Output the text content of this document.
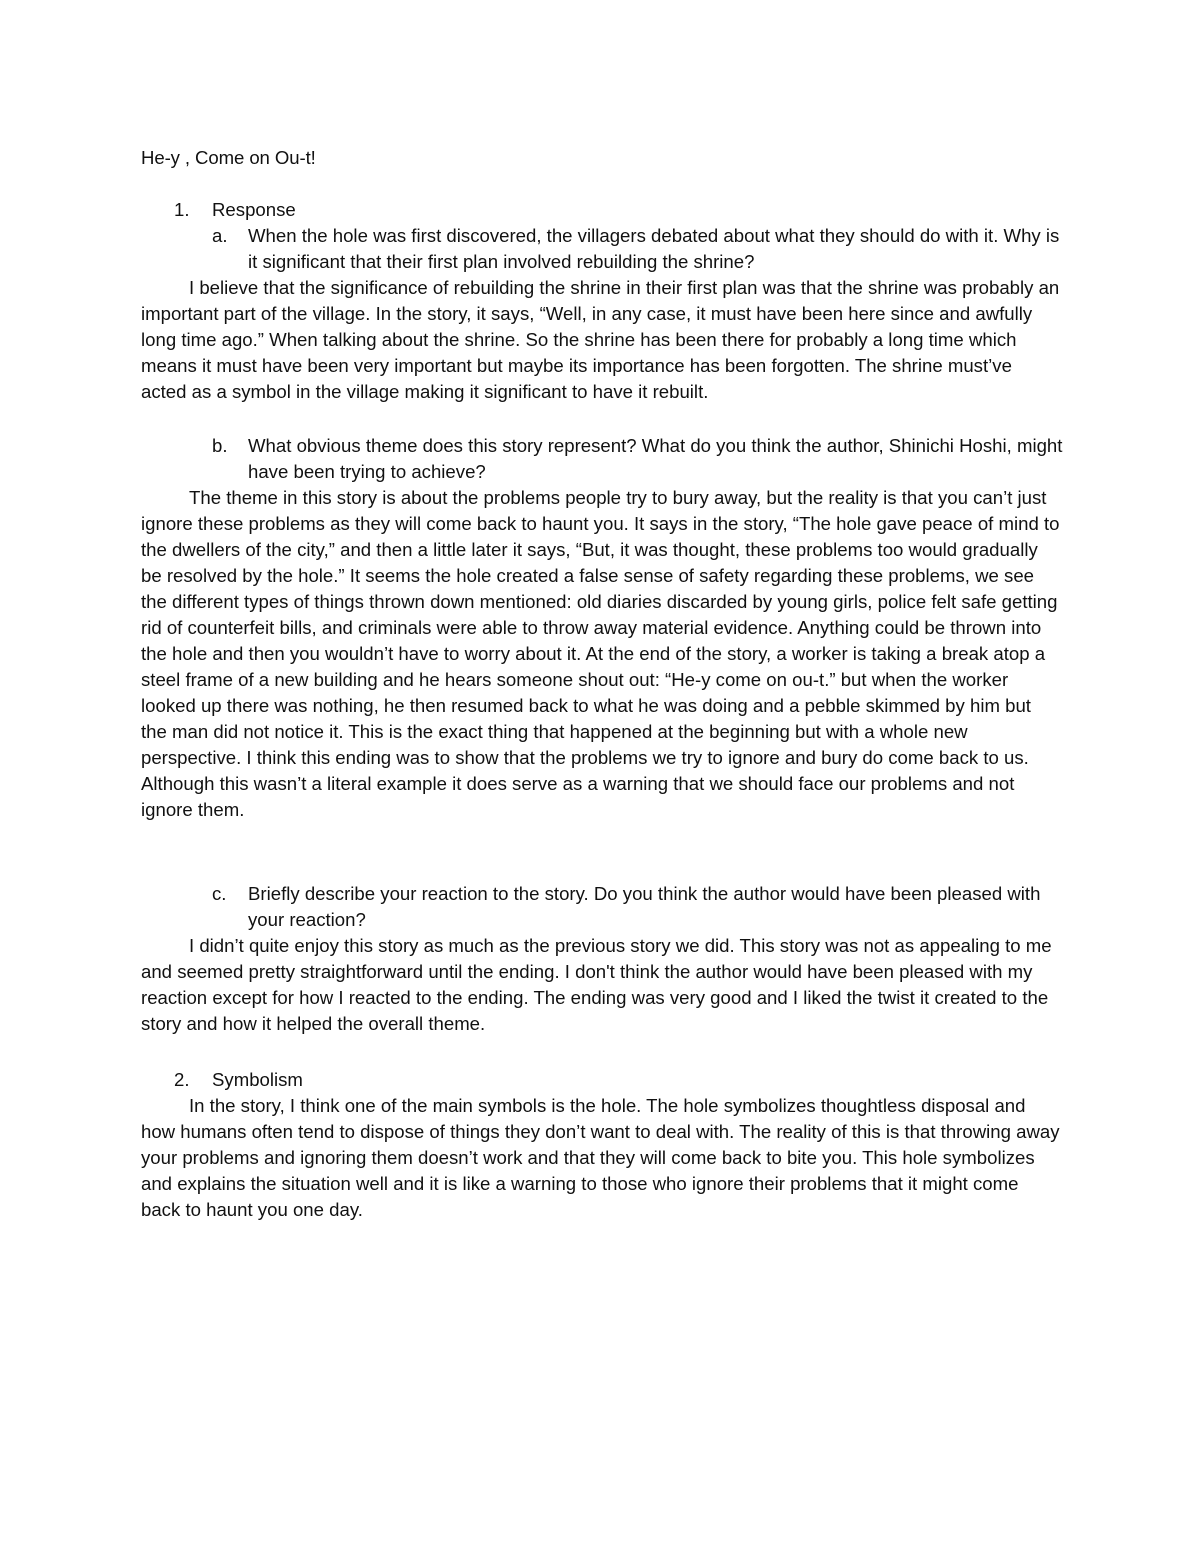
He-y , Come on Ou-t!
1. Response
a. When the hole was first discovered, the villagers debated about what they should do with it. Why is it significant that their first plan involved rebuilding the shrine?

I believe that the significance of rebuilding the shrine in their first plan was that the shrine was probably an important part of the village. In the story, it says, “Well, in any case, it must have been here since and awfully long time ago.” When talking about the shrine. So the shrine has been there for probably a long time which means it must have been very important but maybe its importance has been forgotten. The shrine must’ve acted as a symbol in the village making it significant to have it rebuilt.

b. What obvious theme does this story represent? What do you think the author, Shinichi Hoshi, might have been trying to achieve?

The theme in this story is about the problems people try to bury away, but the reality is that you can’t just ignore these problems as they will come back to haunt you. It says in the story, “The hole gave peace of mind to the dwellers of the city,” and then a little later it says, “But, it was thought, these problems too would gradually be resolved by the hole.” It seems the hole created a false sense of safety regarding these problems, we see the different types of things thrown down mentioned: old diaries discarded by young girls, police felt safe getting rid of counterfeit bills, and criminals were able to throw away material evidence. Anything could be thrown into the hole and then you wouldn’t have to worry about it. At the end of the story, a worker is taking a break atop a steel frame of a new building and he hears someone shout out: “He-y come on ou-t.” but when the worker looked up there was nothing, he then resumed back to what he was doing and a pebble skimmed by him but the man did not notice it. This is the exact thing that happened at the beginning but with a whole new perspective. I think this ending was to show that the problems we try to ignore and bury do come back to us. Although this wasn’t a literal example it does serve as a warning that we should face our problems and not ignore them.

c. Briefly describe your reaction to the story. Do you think the author would have been pleased with your reaction?

I didn’t quite enjoy this story as much as the previous story we did. This story was not as appealing to me and seemed pretty straightforward until the ending. I don't think the author would have been pleased with my reaction except for how I reacted to the ending. The ending was very good and I liked the twist it created to the story and how it helped the overall theme.

2. Symbolism

In the story, I think one of the main symbols is the hole. The hole symbolizes thoughtless disposal and how humans often tend to dispose of things they don’t want to deal with. The reality of this is that throwing away your problems and ignoring them doesn’t work and that they will come back to bite you. This hole symbolizes and explains the situation well and it is like a warning to those who ignore their problems that it might come back to haunt you one day.
